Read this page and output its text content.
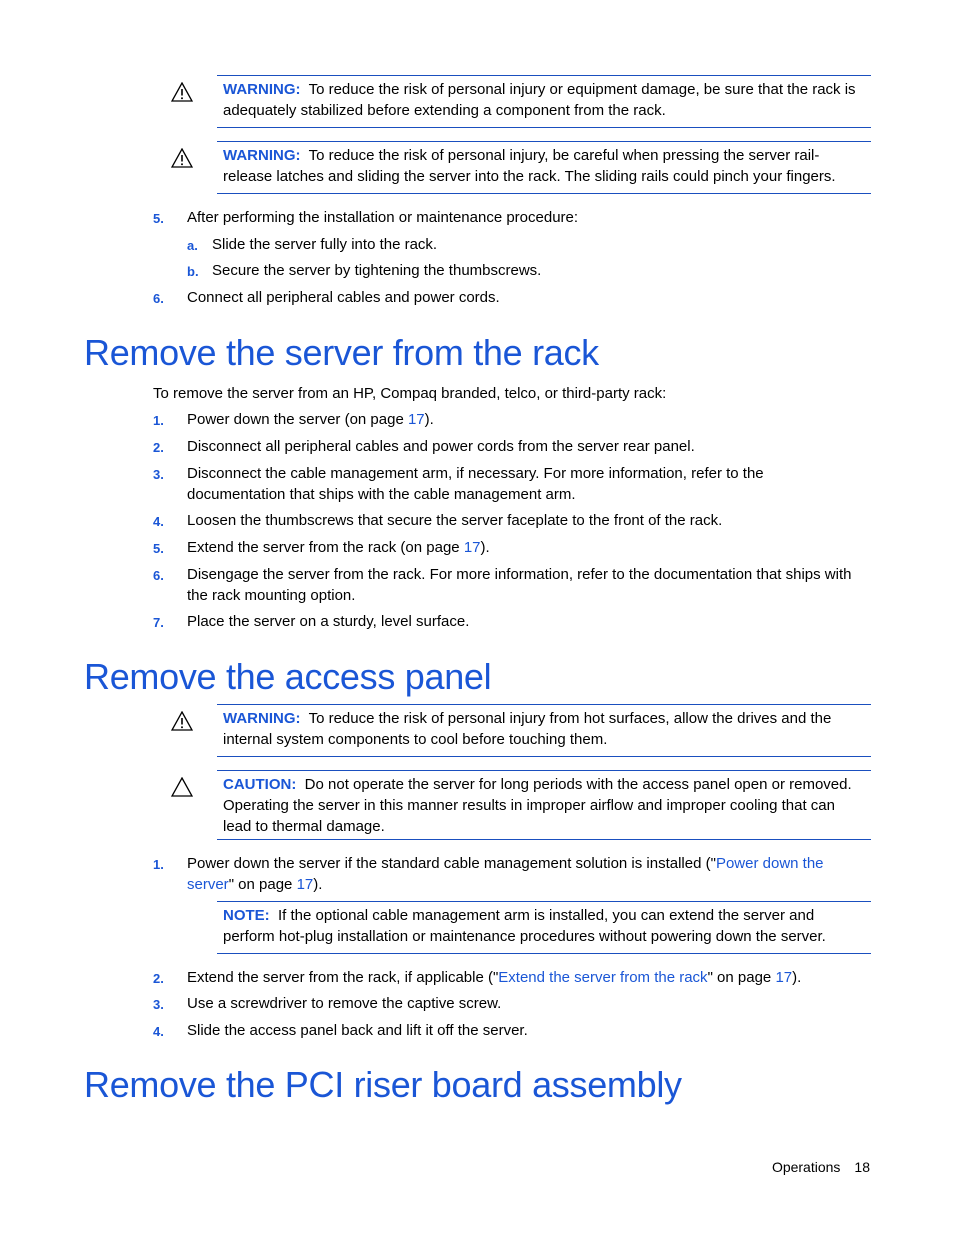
WARNING: To reduce the risk of personal injury or equipment damage, be sure that the rack is adequately stabilized before extending a component from the rack.
WARNING: To reduce the risk of personal injury, be careful when pressing the server rail-release latches and sliding the server into the rack. The sliding rails could pinch your fingers.
5. After performing the installation or maintenance procedure:
a. Slide the server fully into the rack.
b. Secure the server by tightening the thumbscrews.
6. Connect all peripheral cables and power cords.
Remove the server from the rack
To remove the server from an HP, Compaq branded, telco, or third-party rack:
1. Power down the server (on page 17).
2. Disconnect all peripheral cables and power cords from the server rear panel.
3. Disconnect the cable management arm, if necessary. For more information, refer to the documentation that ships with the cable management arm.
4. Loosen the thumbscrews that secure the server faceplate to the front of the rack.
5. Extend the server from the rack (on page 17).
6. Disengage the server from the rack. For more information, refer to the documentation that ships with the rack mounting option.
7. Place the server on a sturdy, level surface.
Remove the access panel
WARNING: To reduce the risk of personal injury from hot surfaces, allow the drives and the internal system components to cool before touching them.
CAUTION: Do not operate the server for long periods with the access panel open or removed. Operating the server in this manner results in improper airflow and improper cooling that can lead to thermal damage.
1. Power down the server if the standard cable management solution is installed ("Power down the server" on page 17).
NOTE: If the optional cable management arm is installed, you can extend the server and perform hot-plug installation or maintenance procedures without powering down the server.
2. Extend the server from the rack, if applicable ("Extend the server from the rack" on page 17).
3. Use a screwdriver to remove the captive screw.
4. Slide the access panel back and lift it off the server.
Remove the PCI riser board assembly
Operations 18
